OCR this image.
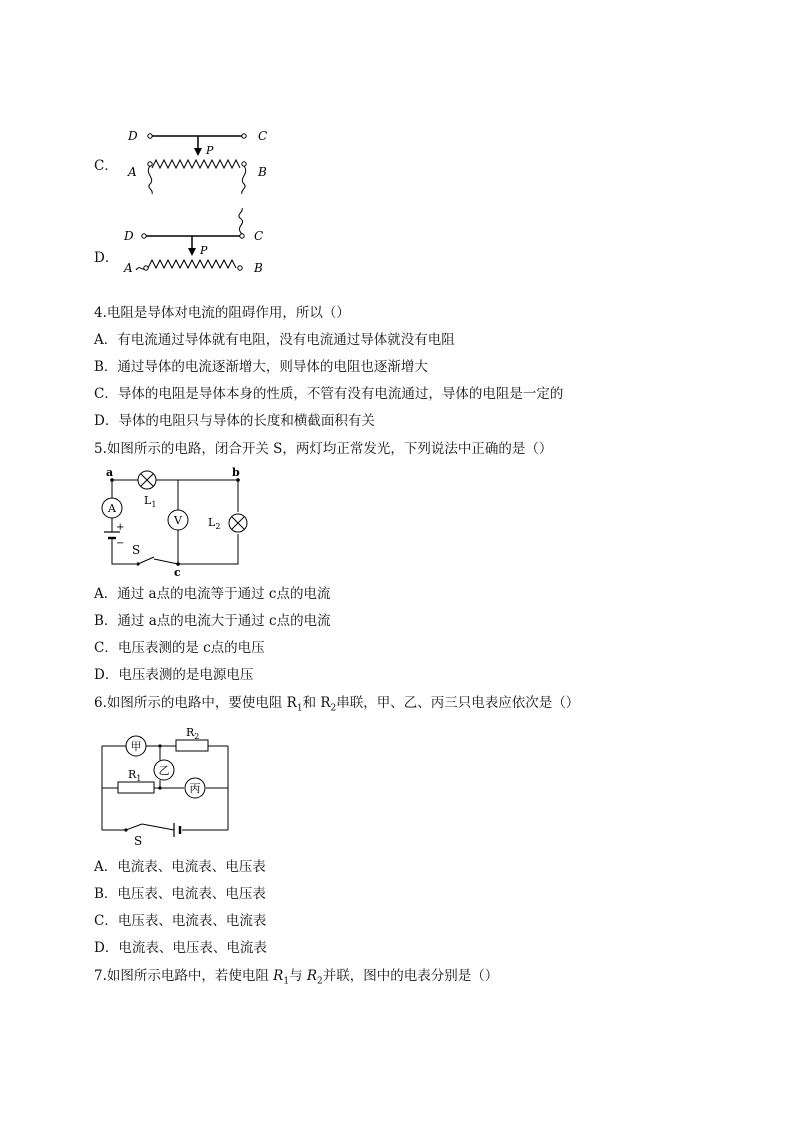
C．
D	C
A	B
P
D．
D	C
A	B
P
4.电阻是导体对电流的阻碍作用，所以（）
A．有电流通过导体就有电阻，没有电流通过导体就没有电阻
B．通过导体的电流逐渐增大，则导体的电阻也逐渐增大
C．导体的电阻是导体本身的性质，不管有没有电流通过，导体的电阻是一定的
D．导体的电阻只与导体的长度和横截面积有关
5.如图所示的电路，闭合开关 S，两灯均正常发光，下列说法中正确的是（）
a	b
c
$L_1$
$L_2$
V
A
+
− S
A．通过 a点的电流等于通过 c点的电流
B．通过 a点的电流大于通过 c点的电流
C．电压表测的是 c点的电压
D．电压表测的是电源电压
6.如图所示的电路中，要使电阻 $R_1$和 $R_2$串联，甲、乙、丙三只电表应依次是（）
甲
$R_2$
乙
$R_1$
丙
S
A．电流表、电流表、电压表
B．电压表、电流表、电压表
C．电压表、电流表、电流表
D．电流表、电压表、电流表
7.如图所示电路中，若使电阻 $R_1$与 $R_2$并联，图中的电表分别是（）
